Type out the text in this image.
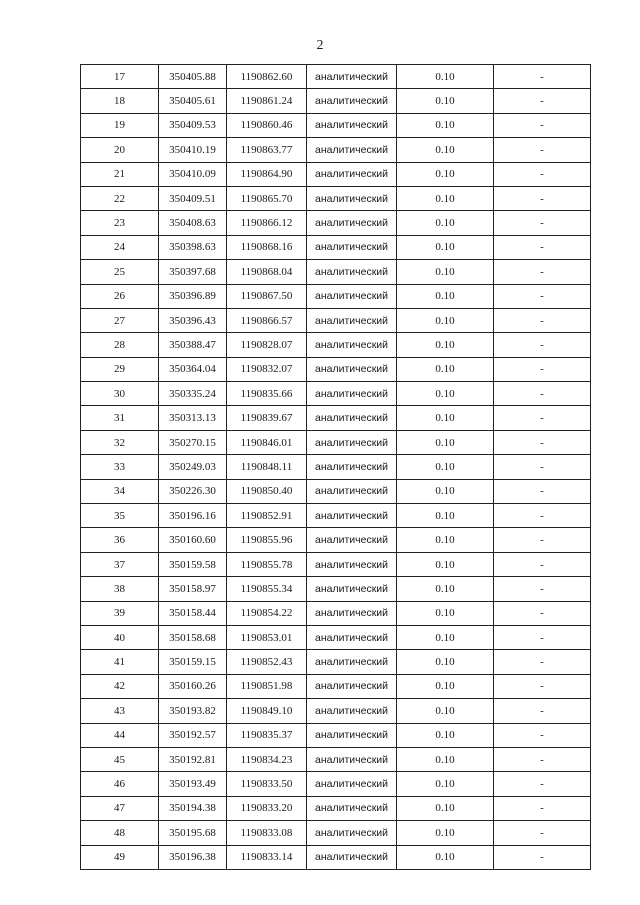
2
17	350405.88	1190862.60	аналитический	0.10	-
18	350405.61	1190861.24	аналитический	0.10	-
19	350409.53	1190860.46	аналитический	0.10	-
20	350410.19	1190863.77	аналитический	0.10	-
21	350410.09	1190864.90	аналитический	0.10	-
22	350409.51	1190865.70	аналитический	0.10	-
23	350408.63	1190866.12	аналитический	0.10	-
24	350398.63	1190868.16	аналитический	0.10	-
25	350397.68	1190868.04	аналитический	0.10	-
26	350396.89	1190867.50	аналитический	0.10	-
27	350396.43	1190866.57	аналитический	0.10	-
28	350388.47	1190828.07	аналитический	0.10	-
29	350364.04	1190832.07	аналитический	0.10	-
30	350335.24	1190835.66	аналитический	0.10	-
31	350313.13	1190839.67	аналитический	0.10	-
32	350270.15	1190846.01	аналитический	0.10	-
33	350249.03	1190848.11	аналитический	0.10	-
34	350226.30	1190850.40	аналитический	0.10	-
35	350196.16	1190852.91	аналитический	0.10	-
36	350160.60	1190855.96	аналитический	0.10	-
37	350159.58	1190855.78	аналитический	0.10	-
38	350158.97	1190855.34	аналитический	0.10	-
39	350158.44	1190854.22	аналитический	0.10	-
40	350158.68	1190853.01	аналитический	0.10	-
41	350159.15	1190852.43	аналитический	0.10	-
42	350160.26	1190851.98	аналитический	0.10	-
43	350193.82	1190849.10	аналитический	0.10	-
44	350192.57	1190835.37	аналитический	0.10	-
45	350192.81	1190834.23	аналитический	0.10	-
46	350193.49	1190833.50	аналитический	0.10	-
47	350194.38	1190833.20	аналитический	0.10	-
48	350195.68	1190833.08	аналитический	0.10	-
49	350196.38	1190833.14	аналитический	0.10	-
